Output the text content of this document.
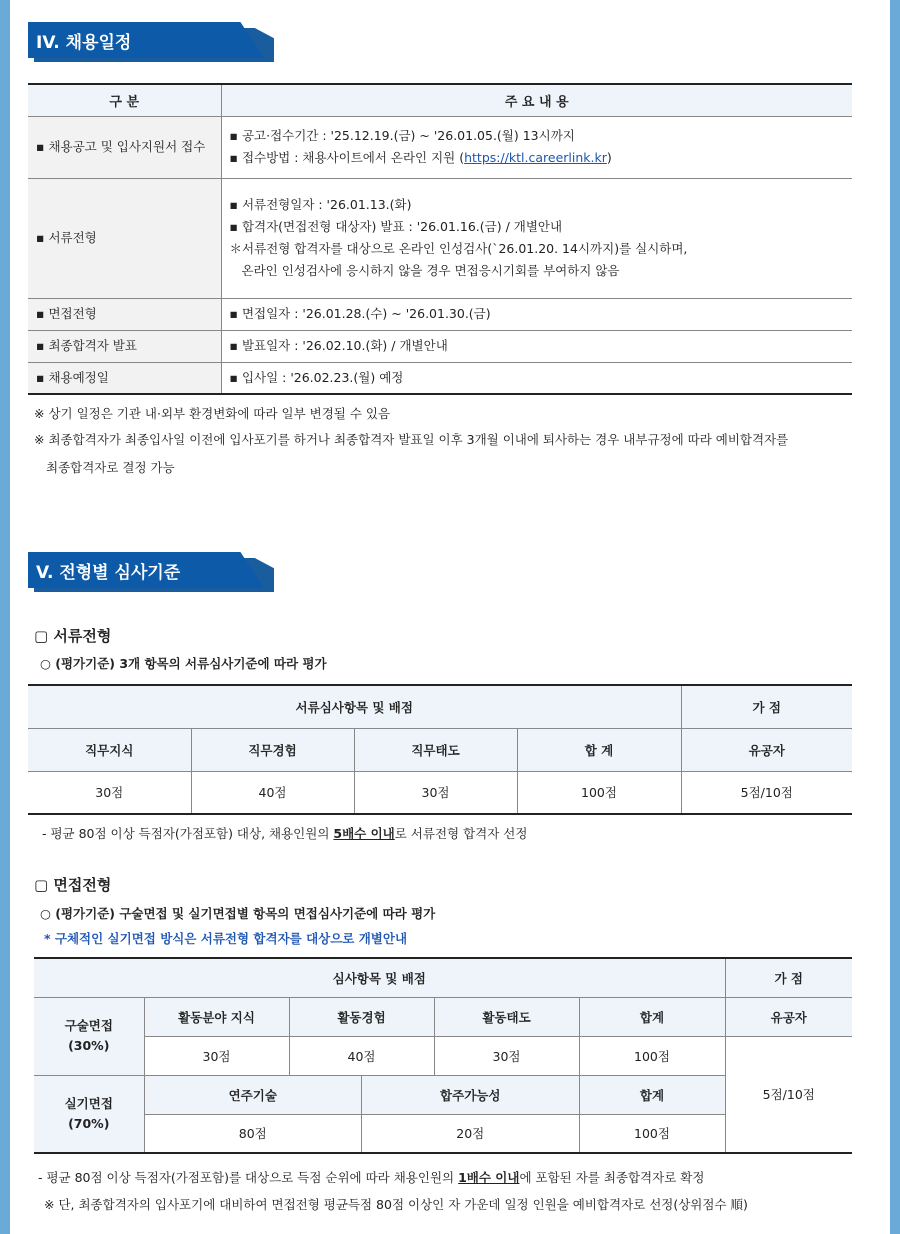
IV. 채용일정
구 분	주 요 내 용
▪ 채용공고 및 입사지원서 접수	▪ 공고·접수기간 : '25.12.19.(금) ~ '26.01.05.(월) 13시까지
▪ 접수방법 : 채용사이트에서 온라인 지원 (https://ktl.careerlink.kr)

▪ 서류전형	▪ 서류전형일자 : '26.01.13.(화)
▪ 합격자(면접전형 대상자) 발표 : '26.01.16.(금) / 개별안내
＊서류전형 합격자를 대상으로 온라인 인성검사(`26.01.20. 14시까지)를 실시하며,
온라인 인성검사에 응시하지 않을 경우 면접응시기회를 부여하지 않음

▪ 면접전형	▪ 면접일자 : '26.01.28.(수) ~ '26.01.30.(금)
▪ 최종합격자 발표	▪ 발표일자 : '26.02.10.(화) / 개별안내
▪ 채용예정일	▪ 입사일 : '26.02.23.(월) 예정
※ 상기 일정은 기관 내·외부 환경변화에 따라 일부 변경될 수 있음
※ 최종합격자가 최종입사일 이전에 입사포기를 하거나 최종합격자 발표일 이후 3개월 이내에 퇴사하는 경우 내부규정에 따라 예비합격자를
최종합격자로 결정 가능
V. 전형별 심사기준
▢ 서류전형
○ (평가기준) 3개 항목의 서류심사기준에 따라 평가
서류심사항목 및 배점				가 점
직무지식	직무경험	직무태도	합 계	유공자
30점	40점	30점	100점	5점/10점
- 평균 80점 이상 득점자(가점포함) 대상, 채용인원의 5배수 이내로 서류전형 합격자 선정
▢ 면접전형
○ (평가기준) 구술면접 및 실기면접별 항목의 면접심사기준에 따라 평가
* 구체적인 실기면접 방식은 서류전형 합격자를 대상으로 개별안내
심사항목 및 배점						가 점

구술면접
(30%)	활동분야 지식	활동경험		활동태도	합계	유공자
	30점	40점		30점	100점	5점/10점

실기면접
(70%)	연주기술		합주가능성		합계	
	80점		20점		100점	
- 평균 80점 이상 득점자(가점포함)를 대상으로 득점 순위에 따라 채용인원의 1배수 이내에 포함된 자를 최종합격자로 확정
※ 단, 최종합격자의 입사포기에 대비하여 면접전형 평균득점 80점 이상인 자 가운데 일정 인원을 예비합격자로 선정(상위점수 順)
